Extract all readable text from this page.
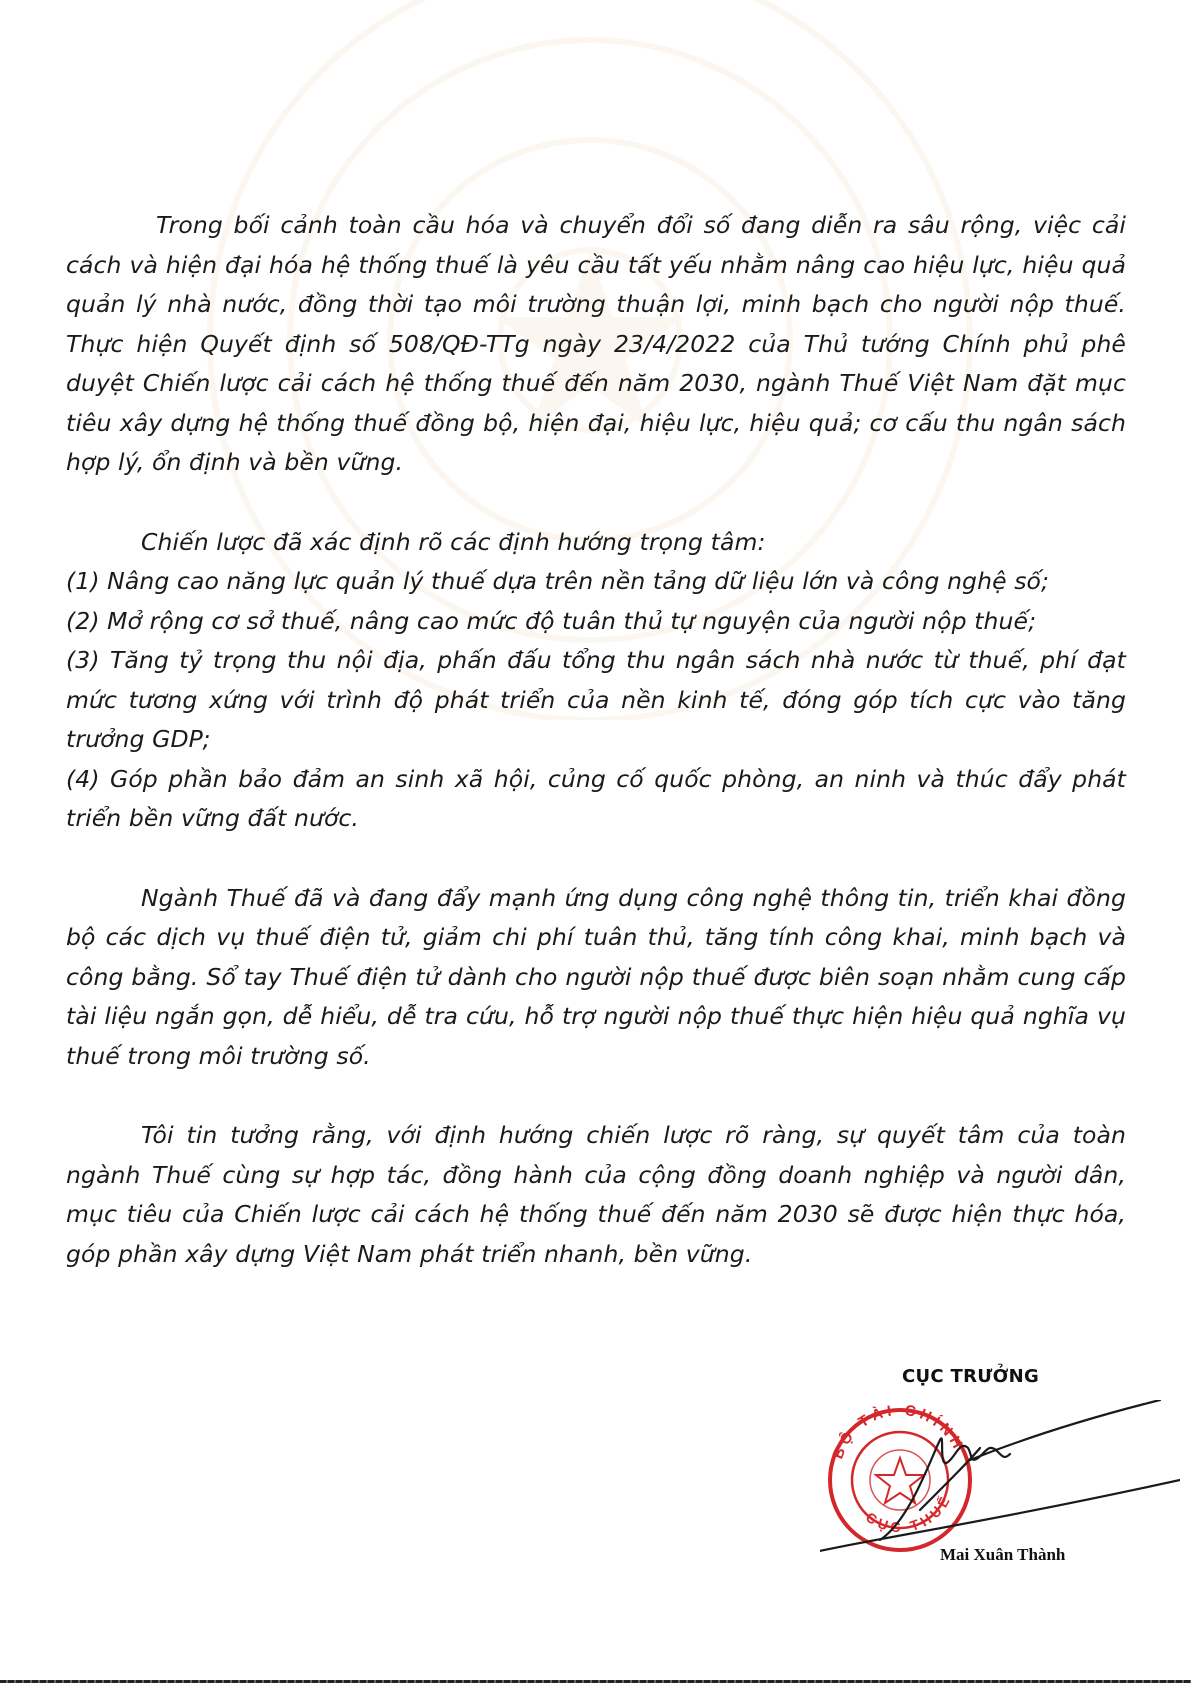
Trong bối cảnh toàn cầu hóa và chuyển đổi số đang diễn ra sâu rộng, việc cải cách và hiện đại hóa hệ thống thuế là yêu cầu tất yếu nhằm nâng cao hiệu lực, hiệu quả quản lý nhà nước, đồng thời tạo môi trường thuận lợi, minh bạch cho người nộp thuế. Thực hiện Quyết định số 508/QĐ-TTg ngày 23/4/2022 của Thủ tướng Chính phủ phê duyệt Chiến lược cải cách hệ thống thuế đến năm 2030, ngành Thuế Việt Nam đặt mục tiêu xây dựng hệ thống thuế đồng bộ, hiện đại, hiệu lực, hiệu quả; cơ cấu thu ngân sách hợp lý, ổn định và bền vững.

Chiến lược đã xác định rõ các định hướng trọng tâm:

(1) Nâng cao năng lực quản lý thuế dựa trên nền tảng dữ liệu lớn và công nghệ số;

(2) Mở rộng cơ sở thuế, nâng cao mức độ tuân thủ tự nguyện của người nộp thuế;

(3) Tăng tỷ trọng thu nội địa, phấn đấu tổng thu ngân sách nhà nước từ thuế, phí đạt mức tương xứng với trình độ phát triển của nền kinh tế, đóng góp tích cực vào tăng trưởng GDP;

(4) Góp phần bảo đảm an sinh xã hội, củng cố quốc phòng, an ninh và thúc đẩy phát triển bền vững đất nước.

Ngành Thuế đã và đang đẩy mạnh ứng dụng công nghệ thông tin, triển khai đồng bộ các dịch vụ thuế điện tử, giảm chi phí tuân thủ, tăng tính công khai, minh bạch và công bằng. Sổ tay Thuế điện tử dành cho người nộp thuế được biên soạn nhằm cung cấp tài liệu ngắn gọn, dễ hiểu, dễ tra cứu, hỗ trợ người nộp thuế thực hiện hiệu quả nghĩa vụ thuế trong môi trường số.

Tôi tin tưởng rằng, với định hướng chiến lược rõ ràng, sự quyết tâm của toàn ngành Thuế cùng sự hợp tác, đồng hành của cộng đồng doanh nghiệp và người dân, mục tiêu của Chiến lược cải cách hệ thống thuế đến năm 2030 sẽ được hiện thực hóa, góp phần xây dựng Việt Nam phát triển nhanh, bền vững.

CỤC TRƯỞNG
BỘ TÀI CHÍNH
CỤC THUẾ
Mai Xuân Thành
